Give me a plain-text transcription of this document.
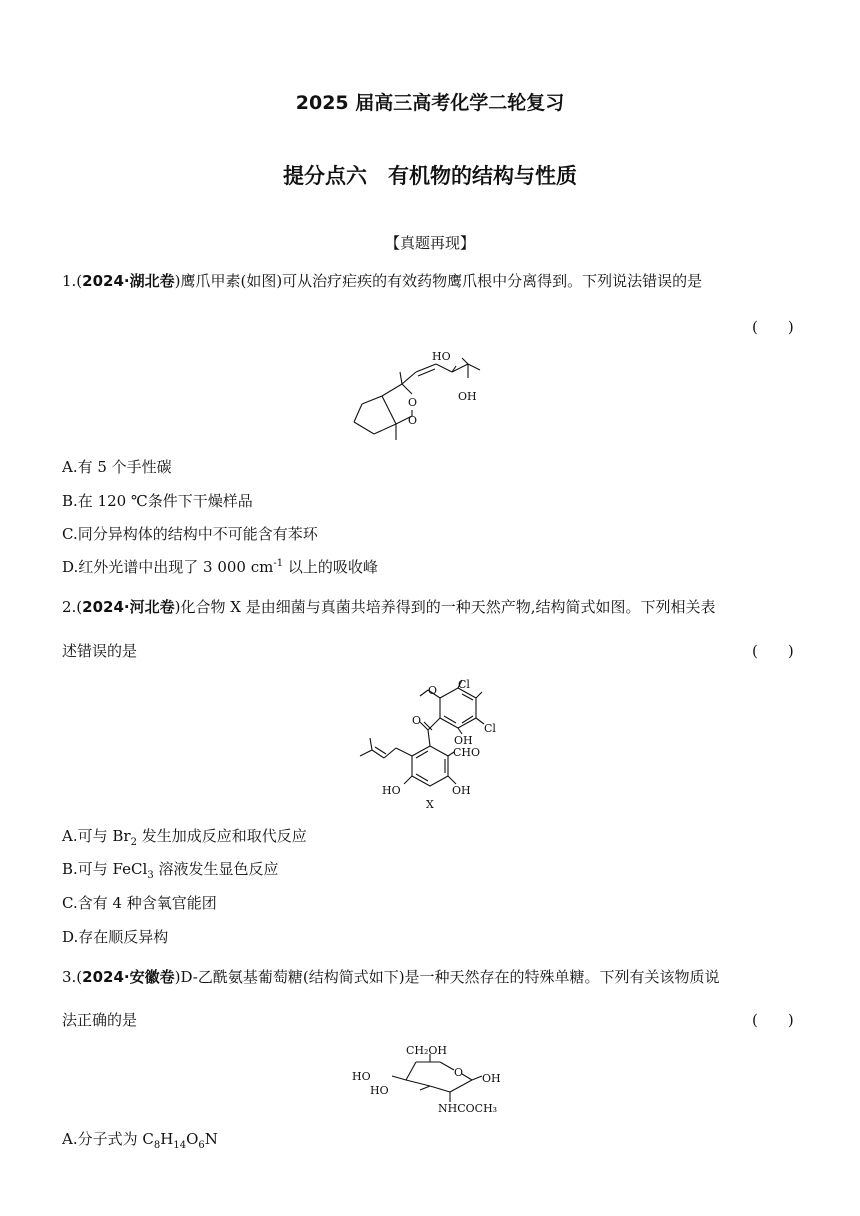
2025 届高三高考化学二轮复习
提分点六　有机物的结构与性质
【真题再现】
1.(2024·湖北卷)鹰爪甲素(如图)可从治疗疟疾的有效药物鹰爪根中分离得到。下列说法错误的是
(　　)
HO
OH
O
O
A.有 5 个手性碳
B.在 120 ℃条件下干燥样品
C.同分异构体的结构中不可能含有苯环
D.红外光谱中出现了 3 000 $cm^{-1}$ 以上的吸收峰
2.(2024·河北卷)化合物 X 是由细菌与真菌共培养得到的一种天然产物,结构简式如图。下列相关表
述错误的是	(　　)
O Cl
Cl
O
OH
CHO
HO	OH
X
A.可与 $Br_2$ 发生加成反应和取代反应
B.可与 FeCl$_3$ 溶液发生显色反应
C.含有 4 种含氧官能团
D.存在顺反异构
3.(2024·安徽卷)D-乙酰氨基葡萄糖(结构简式如下)是一种天然存在的特殊单糖。下列有关该物质说
法正确的是	(　　)
CH₂OH
HO
HO
O OH
NHCOCH₃
A.分子式为 $C_8H_{14}O_6N$
